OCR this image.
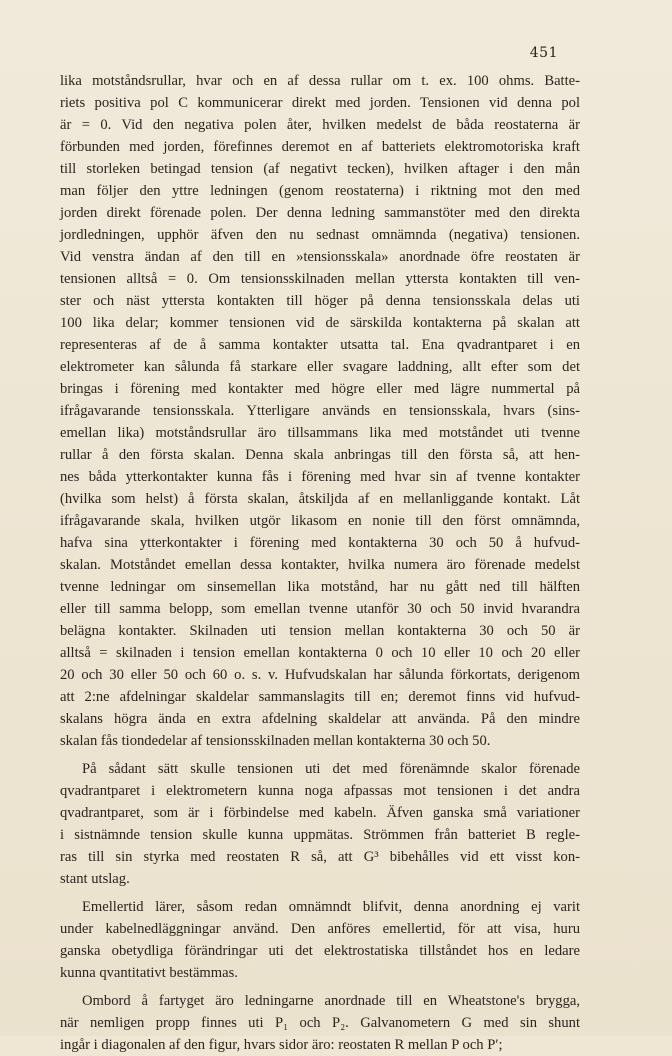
451
lika motståndsrullar, hvar och en af dessa rullar om t. ex. 100 ohms. Batte-
riets positiva pol C kommunicerar direkt med jorden. Tensionen vid denna pol
är = 0. Vid den negativa polen åter, hvilken medelst de båda reostaterna är
förbunden med jorden, förefinnes deremot en af batteriets elektromotoriska kraft
till storleken betingad tension (af negativt tecken), hvilken aftager i den mån
man följer den yttre ledningen (genom reostaterna) i riktning mot den med
jorden direkt förenade polen. Der denna ledning sammanstöter med den direkta
jordledningen, upphör äfven den nu sednast omnämnda (negativa) tensionen.
Vid venstra ändan af den till en »tensionsskala» anordnade öfre reostaten är
tensionen alltså = 0. Om tensionsskilnaden mellan yttersta kontakten till ven-
ster och näst yttersta kontakten till höger på denna tensionsskala delas uti
100 lika delar; kommer tensionen vid de särskilda kontakterna på skalan att
representeras af de å samma kontakter utsatta tal. Ena qvadrantparet i en
elektrometer kan sålunda få starkare eller svagare laddning, allt efter som det
bringas i förening med kontakter med högre eller med lägre nummertal på
ifrågavarande tensionsskala. Ytterligare används en tensionsskala, hvars (sins-
emellan lika) motståndsrullar äro tillsammans lika med motståndet uti tvenne
rullar å den första skalan. Denna skala anbringas till den första så, att hen-
nes båda ytterkontakter kunna fås i förening med hvar sin af tvenne kontakter
(hvilka som helst) å första skalan, åtskiljda af en mellanliggande kontakt. Låt
ifrågavarande skala, hvilken utgör likasom en nonie till den först omnämnda,
hafva sina ytterkontakter i förening med kontakterna 30 och 50 å hufvud-
skalan. Motståndet emellan dessa kontakter, hvilka numera äro förenade medelst
tvenne ledningar om sinsemellan lika motstånd, har nu gått ned till hälften
eller till samma belopp, som emellan tvenne utanför 30 och 50 invid hvarandra
belägna kontakter. Skilnaden uti tension mellan kontakterna 30 och 50 är
alltså = skilnaden i tension emellan kontakterna 0 och 10 eller 10 och 20 eller
20 och 30 eller 50 och 60 o. s. v. Hufvudskalan har sålunda förkortats, derigenom
att 2:ne afdelningar skaldelar sammanslagits till en; deremot finns vid hufvud-
skalans högra ända en extra afdelning skaldelar att använda. På den mindre
skalan fås tiondedelar af tensionsskilnaden mellan kontakterna 30 och 50.
På sådant sätt skulle tensionen uti det med förenämnde skalor förenade
qvadrantparet i elektrometern kunna noga afpassas mot tensionen i det andra
qvadrantparet, som är i förbindelse med kabeln. Äfven ganska små variationer
i sistnämnde tension skulle kunna uppmätas. Strömmen från batteriet B regle-
ras till sin styrka med reostaten R så, att G³ bibehålles vid ett visst kon-
stant utslag.
Emellertid lärer, såsom redan omnämndt blifvit, denna anordning ej varit
under kabelnedläggningar använd. Den anföres emellertid, för att visa, huru
ganska obetydliga förändringar uti det elektrostatiska tillståndet hos en ledare
kunna qvantitativt bestämmas.
Ombord å fartyget äro ledningarne anordnade till en Wheatstone's brygga,
när nemligen propp finnes uti P₁ och P₂. Galvanometern G med sin shunt
ingår i diagonalen af den figur, hvars sidor äro: reostaten R mellan P och P′;
